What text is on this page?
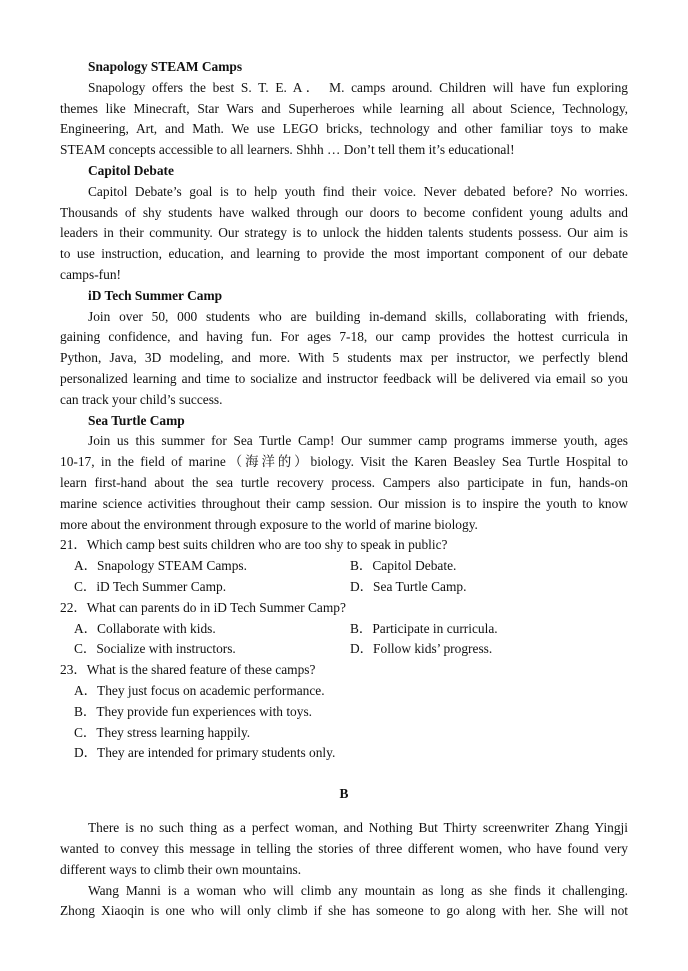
Snapology STEAM Camps

Snapology offers the best S. T. E. A． M. camps around. Children will have fun exploring

themes like Minecraft, Star Wars and Superheroes while learning all about Science, Technology,

Engineering, Art, and Math. We use LEGO bricks, technology and other familiar toys to make

STEAM concepts accessible to all learners. Shhh … Don’t tell them it’s educational!

Capitol Debate

Capitol Debate’s goal is to help youth find their voice. Never debated before? No worries.

Thousands of shy students have walked through our doors to become confident young adults and

leaders in their community. Our strategy is to unlock the hidden talents students possess. Our aim is

to use instruction, education, and learning to provide the most important component of our debate

camps-fun!

iD Tech Summer Camp

Join over 50, 000 students who are building in-demand skills, collaborating with friends,

gaining confidence, and having fun. For ages 7-18, our camp provides the hottest curricula in

Python, Java, 3D modeling, and more. With 5 students max per instructor, we perfectly blend

personalized learning and time to socialize and instructor feedback will be delivered via email so you

can track your child’s success.

Sea Turtle Camp

Join us this summer for Sea Turtle Camp! Our summer camp programs immerse youth, ages

10-17, in the field of marine（海洋的）biology. Visit the Karen Beasley Sea Turtle Hospital to

learn first-hand about the sea turtle recovery process. Campers also participate in fun, hands-on

marine science activities throughout their camp session. Our mission is to inspire the youth to know

more about the environment through exposure to the world of marine biology.

21．Which camp best suits children who are too shy to speak in public?

A．Snapology STEAM Camps.	B．Capitol Debate.
C．iD Tech Summer Camp.	D．Sea Turtle Camp.

22．What can parents do in iD Tech Summer Camp?

A．Collaborate with kids.	B．Participate in curricula.
C．Socialize with instructors.	D．Follow kids’ progress.

23．What is the shared feature of these camps?

A．They just focus on academic performance.
B．They provide fun experiences with toys.
C．They stress learning happily.
D．They are intended for primary students only.

B

There is no such thing as a perfect woman, and Nothing But Thirty screenwriter Zhang Yingji

wanted to convey this message in telling the stories of three different women, who have found very

different ways to climb their own mountains.

Wang Manni is a woman who will climb any mountain as long as she finds it challenging.

Zhong Xiaoqin is one who will only climb if she has someone to go along with her. She will not
